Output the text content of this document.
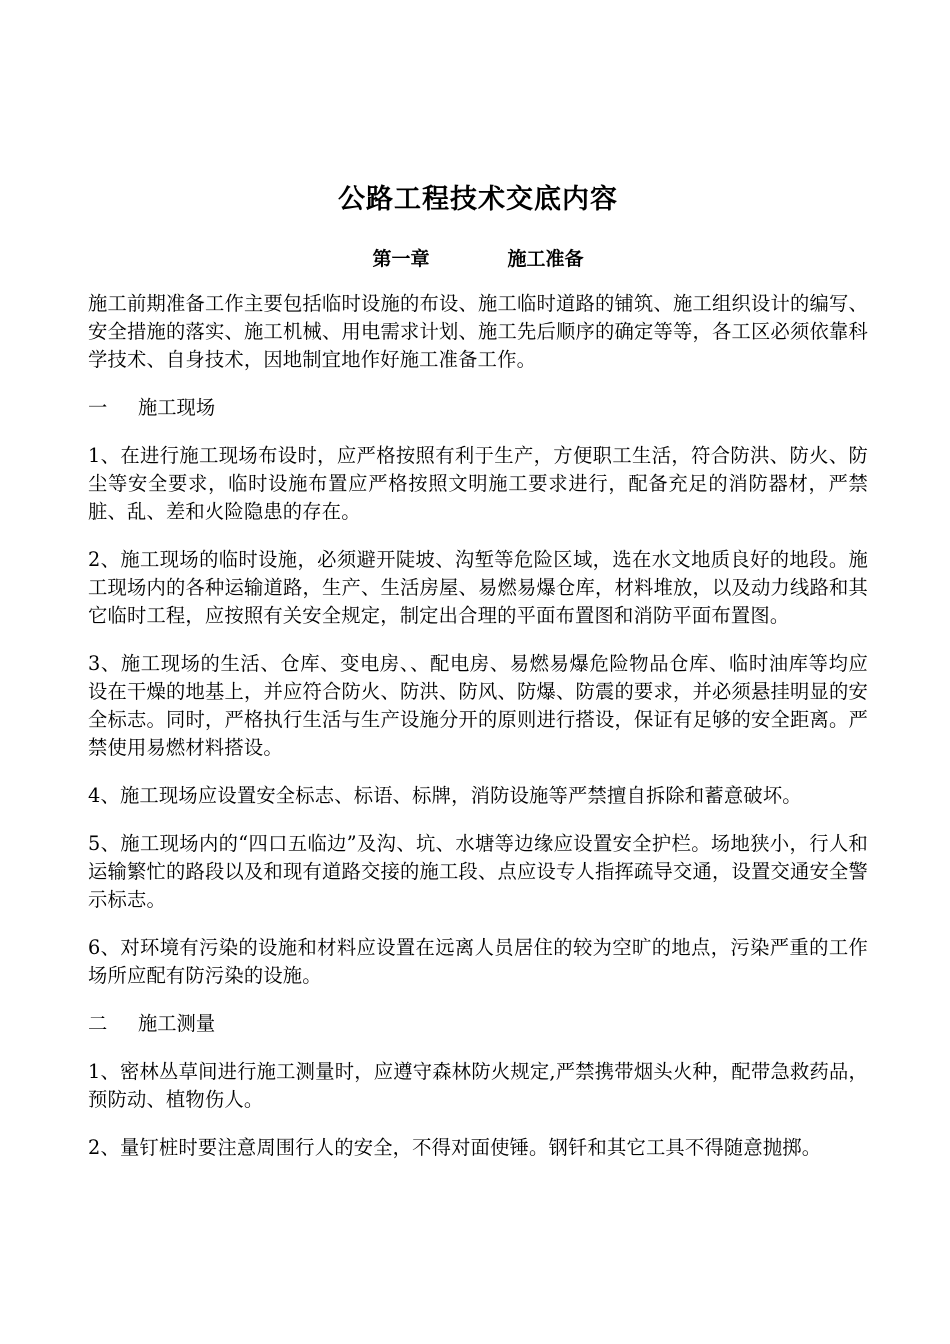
公路工程技术交底内容
第一章	施工准备

施工前期准备工作主要包括临时设施的布设、施工临时道路的铺筑、施工组织设计的编写、安全措施的落实、施工机械、用电需求计划、施工先后顺序的确定等等，各工区必须依靠科学技术、自身技术，因地制宜地作好施工准备工作。

一 施工现场

1、在进行施工现场布设时，应严格按照有利于生产，方便职工生活，符合防洪、防火、防尘等安全要求，临时设施布置应严格按照文明施工要求进行，配备充足的消防器材，严禁脏、乱、差和火险隐患的存在。

2、施工现场的临时设施，必须避开陡坡、沟堑等危险区域，选在水文地质良好的地段。施工现场内的各种运输道路，生产、生活房屋、易燃易爆仓库，材料堆放，以及动力线路和其它临时工程，应按照有关安全规定，制定出合理的平面布置图和消防平面布置图。

3、施工现场的生活、仓库、变电房、、配电房、易燃易爆危险物品仓库、临时油库等均应设在干燥的地基上，并应符合防火、防洪、防风、防爆、防震的要求，并必须悬挂明显的安全标志。同时，严格执行生活与生产设施分开的原则进行搭设，保证有足够的安全距离。严禁使用易燃材料搭设。

4、施工现场应设置安全标志、标语、标牌，消防设施等严禁擅自拆除和蓄意破坏。

5、施工现场内的“四口五临边”及沟、坑、水塘等边缘应设置安全护栏。场地狭小，行人和运输繁忙的路段以及和现有道路交接的施工段、点应设专人指挥疏导交通，设置交通安全警示标志。

6、对环境有污染的设施和材料应设置在远离人员居住的较为空旷的地点，污染严重的工作场所应配有防污染的设施。

二 施工测量

1、密林丛草间进行施工测量时，应遵守森林防火规定,严禁携带烟头火种，配带急救药品，预防动、植物伤人。

2、量钉桩时要注意周围行人的安全，不得对面使锤。钢钎和其它工具不得随意抛掷。
